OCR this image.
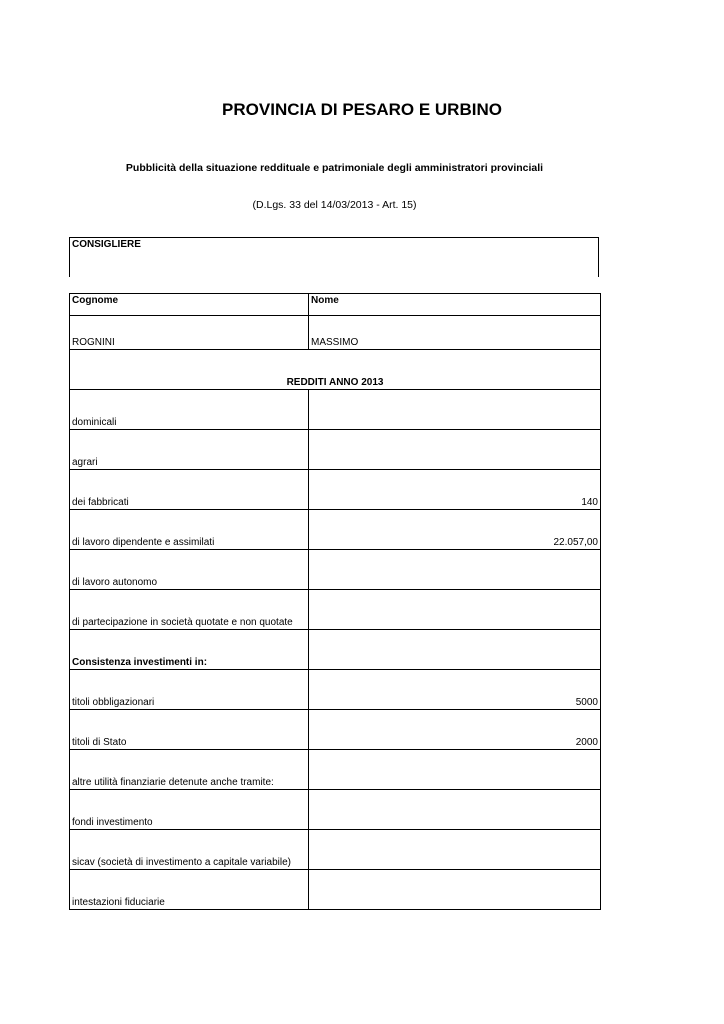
PROVINCIA DI PESARO E URBINO
Pubblicità della situazione reddituale e patrimoniale degli amministratori provinciali
(D.Lgs. 33 del 14/03/2013 - Art. 15)
CONSIGLIERE
Cognome	Nome
ROGNINI	MASSIMO
REDDITI ANNO 2013	
dominicali	
agrari	
dei fabbricati	140
di lavoro dipendente e assimilati	22.057,00
di lavoro autonomo	
di partecipazione in società quotate e non quotate	
Consistenza investimenti in:	
titoli obbligazionari	5000
titoli di Stato	2000
altre utilità finanziarie detenute anche tramite:	
fondi investimento	
sicav (società di investimento a capitale variabile)	
intestazioni fiduciarie	
